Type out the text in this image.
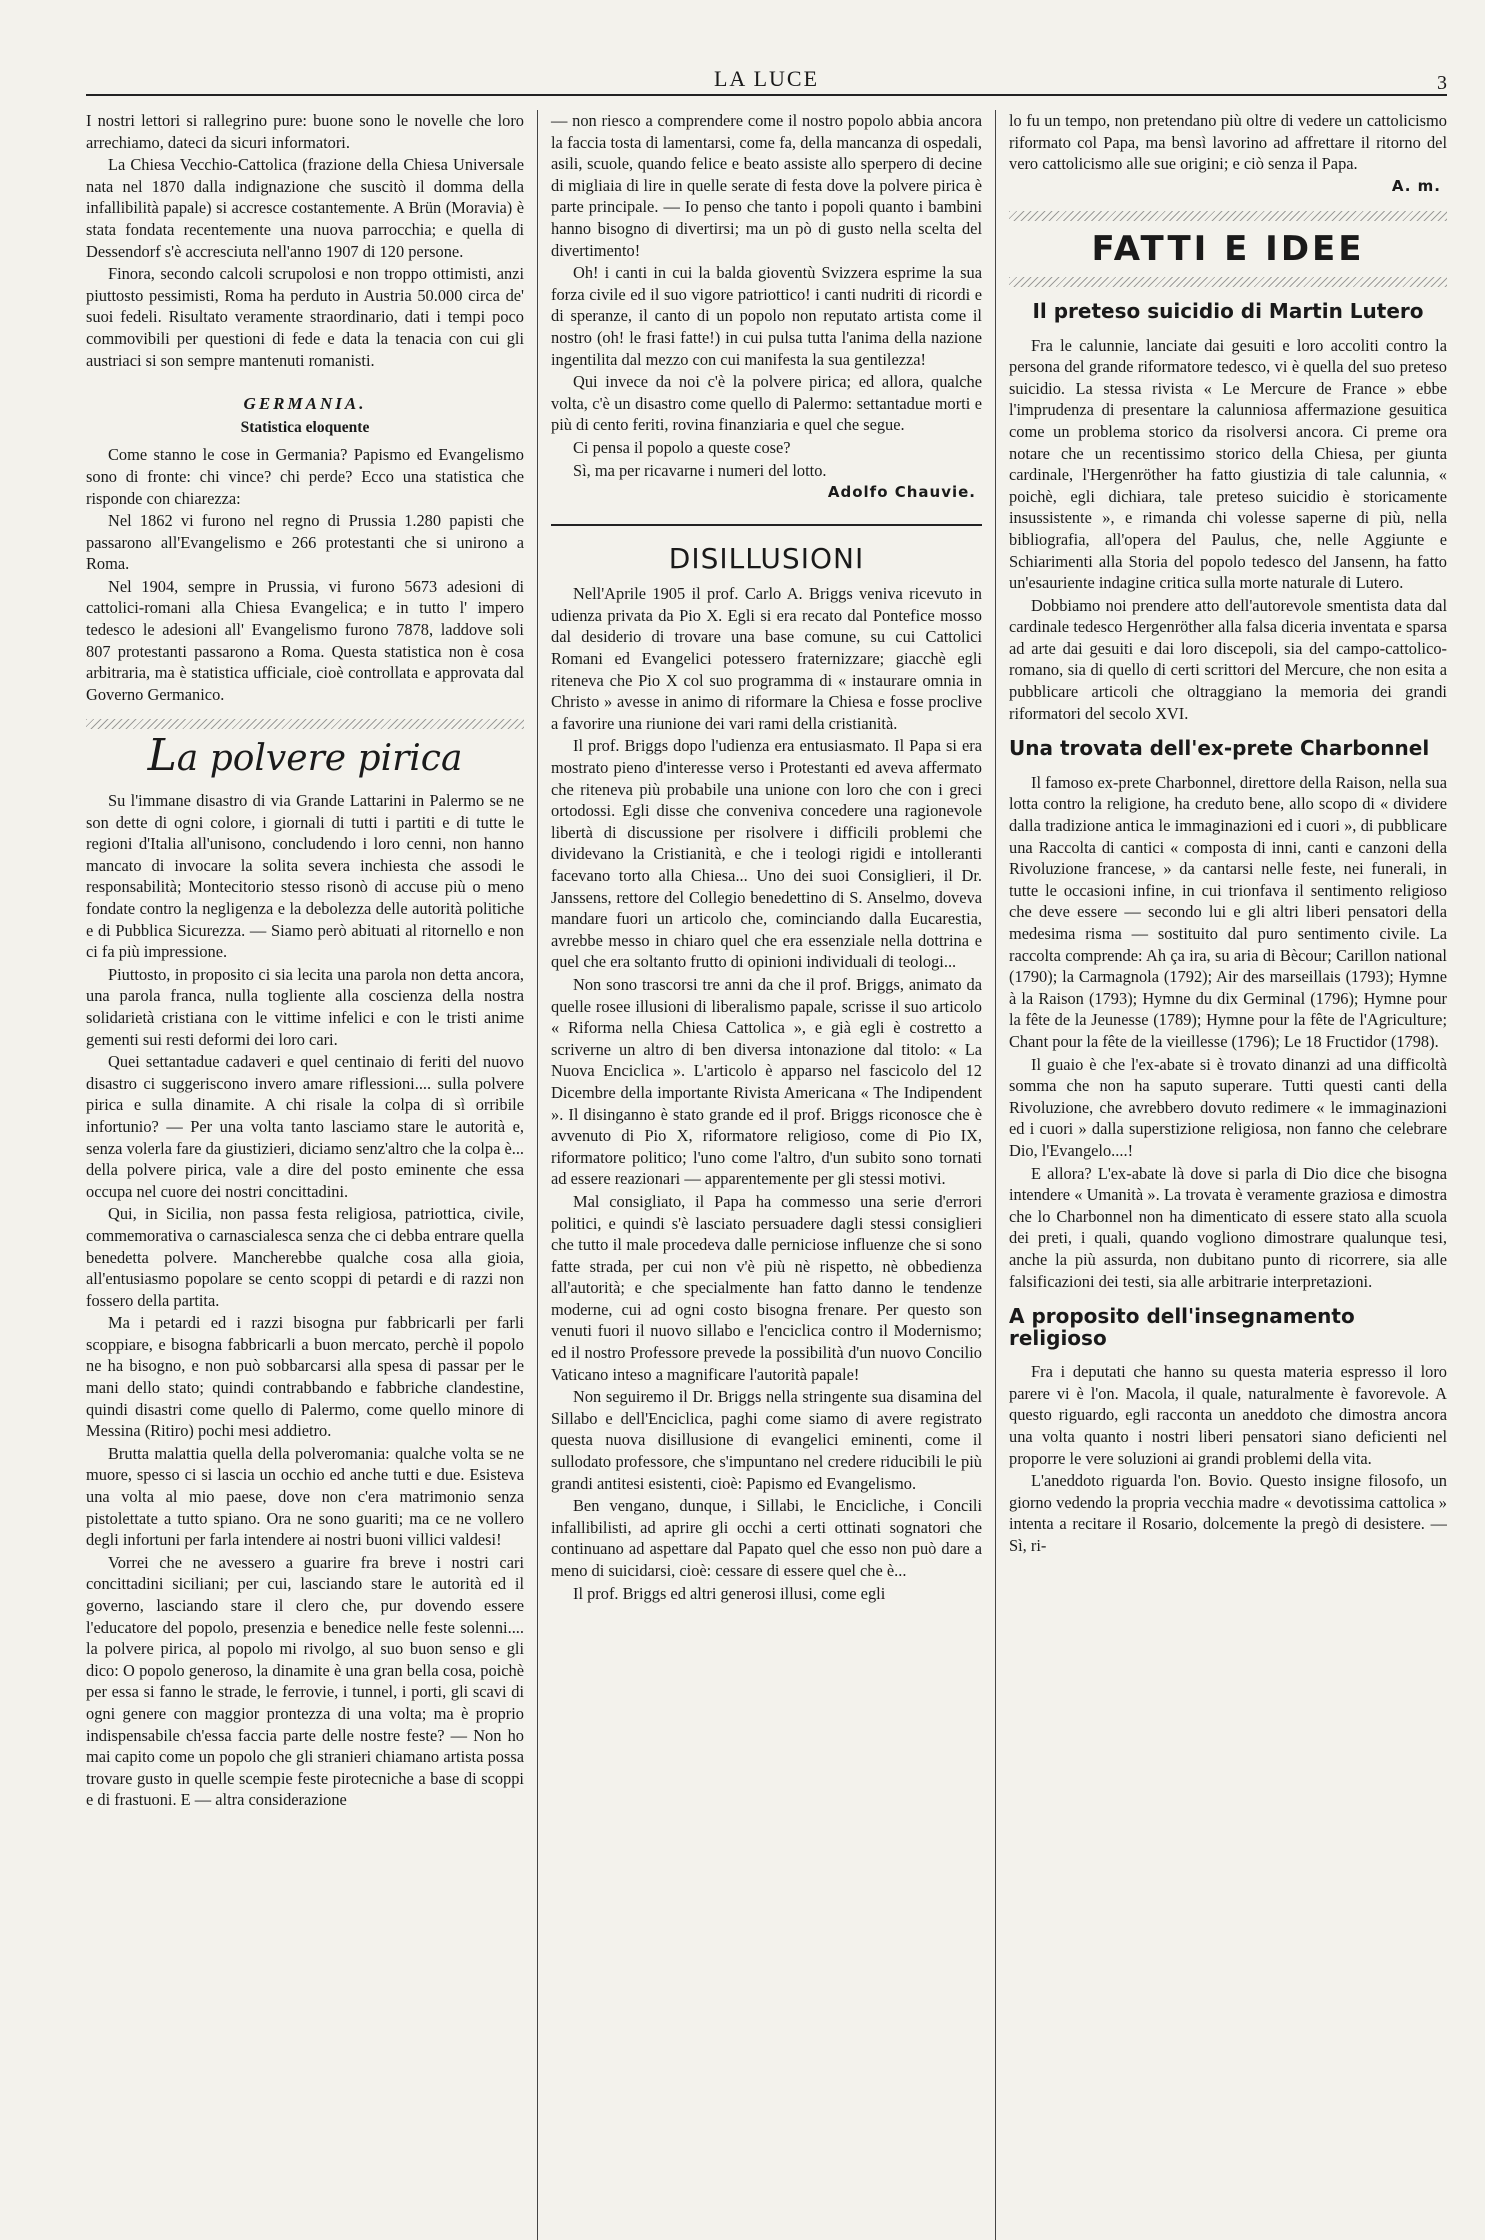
LA LUCE	3

I nostri lettori si rallegrino pure: buone sono le novelle che loro arrechiamo, dateci da sicuri informatori.

La Chiesa Vecchio-Cattolica (frazione della Chiesa Universale nata nel 1870 dalla indignazione che suscitò il domma della infallibilità papale) si accresce costantemente. A Brün (Moravia) è stata fondata recentemente una nuova parrocchia; e quella di Dessendorf s'è accresciuta nell'anno 1907 di 120 persone.

Finora, secondo calcoli scrupolosi e non troppo ottimisti, anzi piuttosto pessimisti, Roma ha perduto in Austria 50.000 circa de' suoi fedeli. Risultato veramente straordinario, dati i tempi poco commovibili per questioni di fede e data la tenacia con cui gli austriaci si son sempre mantenuti romanisti.

GERMANIA.
Statistica eloquente

Come stanno le cose in Germania? Papismo ed Evangelismo sono di fronte: chi vince? chi perde? Ecco una statistica che risponde con chiarezza:

Nel 1862 vi furono nel regno di Prussia 1.280 papisti che passarono all'Evangelismo e 266 protestanti che si unirono a Roma.

Nel 1904, sempre in Prussia, vi furono 5673 adesioni di cattolici-romani alla Chiesa Evangelica; e in tutto l' impero tedesco le adesioni all' Evangelismo furono 7878, laddove soli 807 protestanti passarono a Roma. Questa statistica non è cosa arbitraria, ma è statistica ufficiale, cioè controllata e approvata dal Governo Germanico.

La polvere pirica

Su l'immane disastro di via Grande Lattarini in Palermo se ne son dette di ogni colore, i giornali di tutti i partiti e di tutte le regioni d'Italia all'unisono, concludendo i loro cenni, non hanno mancato di invocare la solita severa inchiesta che assodi le responsabilità; Montecitorio stesso risonò di accuse più o meno fondate contro la negligenza e la debolezza delle autorità politiche e di Pubblica Sicurezza. — Siamo però abituati al ritornello e non ci fa più impressione.

Piuttosto, in proposito ci sia lecita una parola non detta ancora, una parola franca, nulla togliente alla coscienza della nostra solidarietà cristiana con le vittime infelici e con le tristi anime gementi sui resti deformi dei loro cari.

Quei settantadue cadaveri e quel centinaio di feriti del nuovo disastro ci suggeriscono invero amare riflessioni.... sulla polvere pirica e sulla dinamite. A chi risale la colpa di sì orribile infortunio? — Per una volta tanto lasciamo stare le autorità e, senza volerla fare da giustizieri, diciamo senz'altro che la colpa è... della polvere pirica, vale a dire del posto eminente che essa occupa nel cuore dei nostri concittadini.

Qui, in Sicilia, non passa festa religiosa, patriottica, civile, commemorativa o carnascialesca senza che ci debba entrare quella benedetta polvere. Mancherebbe qualche cosa alla gioia, all'entusiasmo popolare se cento scoppi di petardi e di razzi non fossero della partita.

Ma i petardi ed i razzi bisogna pur fabbricarli per farli scoppiare, e bisogna fabbricarli a buon mercato, perchè il popolo ne ha bisogno, e non può sobbarcarsi alla spesa di passar per le mani dello stato; quindi contrabbando e fabbriche clandestine, quindi disastri come quello di Palermo, come quello minore di Messina (Ritiro) pochi mesi addietro.

Brutta malattia quella della polveromania: qualche volta se ne muore, spesso ci si lascia un occhio ed anche tutti e due. Esisteva una volta al mio paese, dove non c'era matrimonio senza pistolettate a tutto spiano. Ora ne sono guariti; ma ce ne vollero degli infortuni per farla intendere ai nostri buoni villici valdesi!

Vorrei che ne avessero a guarire fra breve i nostri cari concittadini siciliani; per cui, lasciando stare le autorità ed il governo, lasciando stare il clero che, pur dovendo essere l'educatore del popolo, presenzia e benedice nelle feste solenni.... la polvere pirica, al popolo mi rivolgo, al suo buon senso e gli dico: O popolo generoso, la dinamite è una gran bella cosa, poichè per essa si fanno le strade, le ferrovie, i tunnel, i porti, gli scavi di ogni genere con maggior prontezza di una volta; ma è proprio indispensabile ch'essa faccia parte delle nostre feste? — Non ho mai capito come un popolo che gli stranieri chiamano artista possa trovare gusto in quelle scempie feste pirotecniche a base di scoppi e di frastuoni. E — altra considerazione

— non riesco a comprendere come il nostro popolo abbia ancora la faccia tosta di lamentarsi, come fa, della mancanza di ospedali, asili, scuole, quando felice e beato assiste allo sperpero di decine di migliaia di lire in quelle serate di festa dove la polvere pirica è parte principale. — Io penso che tanto i popoli quanto i bambini hanno bisogno di divertirsi; ma un pò di gusto nella scelta del divertimento!

Oh! i canti in cui la balda gioventù Svizzera esprime la sua forza civile ed il suo vigore patriottico! i canti nudriti di ricordi e di speranze, il canto di un popolo non reputato artista come il nostro (oh! le frasi fatte!) in cui pulsa tutta l'anima della nazione ingentilita dal mezzo con cui manifesta la sua gentilezza!

Qui invece da noi c'è la polvere pirica; ed allora, qualche volta, c'è un disastro come quello di Palermo: settantadue morti e più di cento feriti, rovina finanziaria e quel che segue.

Ci pensa il popolo a queste cose?

Sì, ma per ricavarne i numeri del lotto.

Adolfo Chauvie.
DISILLUSIONI

Nell'Aprile 1905 il prof. Carlo A. Briggs veniva ricevuto in udienza privata da Pio X. Egli si era recato dal Pontefice mosso dal desiderio di trovare una base comune, su cui Cattolici Romani ed Evangelici potessero fraternizzare; giacchè egli riteneva che Pio X col suo programma di « instaurare omnia in Christo » avesse in animo di riformare la Chiesa e fosse proclive a favorire una riunione dei vari rami della cristianità.

Il prof. Briggs dopo l'udienza era entusiasmato. Il Papa si era mostrato pieno d'interesse verso i Protestanti ed aveva affermato che riteneva più probabile una unione con loro che con i greci ortodossi. Egli disse che conveniva concedere una ragionevole libertà di discussione per risolvere i difficili problemi che dividevano la Cristianità, e che i teologi rigidi e intolleranti facevano torto alla Chiesa... Uno dei suoi Consiglieri, il Dr. Janssens, rettore del Collegio benedettino di S. Anselmo, doveva mandare fuori un articolo che, cominciando dalla Eucarestia, avrebbe messo in chiaro quel che era essenziale nella dottrina e quel che era soltanto frutto di opinioni individuali di teologi...

Non sono trascorsi tre anni da che il prof. Briggs, animato da quelle rosee illusioni di liberalismo papale, scrisse il suo articolo « Riforma nella Chiesa Cattolica », e già egli è costretto a scriverne un altro di ben diversa intonazione dal titolo: « La Nuova Enciclica ». L'articolo è apparso nel fascicolo del 12 Dicembre della importante Rivista Americana « The Indipendent ». Il disinganno è stato grande ed il prof. Briggs riconosce che è avvenuto di Pio X, riformatore religioso, come di Pio IX, riformatore politico; l'uno come l'altro, d'un subito sono tornati ad essere reazionari — apparentemente per gli stessi motivi.

Mal consigliato, il Papa ha commesso una serie d'errori politici, e quindi s'è lasciato persuadere dagli stessi consiglieri che tutto il male procedeva dalle perniciose influenze che si sono fatte strada, per cui non v'è più nè rispetto, nè obbedienza all'autorità; e che specialmente han fatto danno le tendenze moderne, cui ad ogni costo bisogna frenare. Per questo son venuti fuori il nuovo sillabo e l'enciclica contro il Modernismo; ed il nostro Professore prevede la possibilità d'un nuovo Concilio Vaticano inteso a magnificare l'autorità papale!

Non seguiremo il Dr. Briggs nella stringente sua disamina del Sillabo e dell'Enciclica, paghi come siamo di avere registrato questa nuova disillusione di evangelici eminenti, come il sullodato professore, che s'impuntano nel credere riducibili le più grandi antitesi esistenti, cioè: Papismo ed Evangelismo.

Ben vengano, dunque, i Sillabi, le Encicliche, i Concili infallibilisti, ad aprire gli occhi a certi ottinati sognatori che continuano ad aspettare dal Papato quel che esso non può dare a meno di suicidarsi, cioè: cessare di essere quel che è...

Il prof. Briggs ed altri generosi illusi, come egli

lo fu un tempo, non pretendano più oltre di vedere un cattolicismo riformato col Papa, ma bensì lavorino ad affrettare il ritorno del vero cattolicismo alle sue origini; e ciò senza il Papa.

A. m.
FATTI E IDEE
Il preteso suicidio di Martin Lutero

Fra le calunnie, lanciate dai gesuiti e loro accoliti contro la persona del grande riformatore tedesco, vi è quella del suo preteso suicidio. La stessa rivista « Le Mercure de France » ebbe l'imprudenza di presentare la calunniosa affermazione gesuitica come un problema storico da risolversi ancora. Ci preme ora notare che un recentissimo storico della Chiesa, per giunta cardinale, l'Hergenröther ha fatto giustizia di tale calunnia, « poichè, egli dichiara, tale preteso suicidio è storicamente insussistente », e rimanda chi volesse saperne di più, nella bibliografia, all'opera del Paulus, che, nelle Aggiunte e Schiarimenti alla Storia del popolo tedesco del Jansenn, ha fatto un'esauriente indagine critica sulla morte naturale di Lutero.

Dobbiamo noi prendere atto dell'autorevole smentista data dal cardinale tedesco Hergenröther alla falsa diceria inventata e sparsa ad arte dai gesuiti e dai loro discepoli, sia del campo-cattolico-romano, sia di quello di certi scrittori del Mercure, che non esita a pubblicare articoli che oltraggiano la memoria dei grandi riformatori del secolo XVI.

Una trovata dell'ex-prete Charbonnel

Il famoso ex-prete Charbonnel, direttore della Raison, nella sua lotta contro la religione, ha creduto bene, allo scopo di « dividere dalla tradizione antica le immaginazioni ed i cuori », di pubblicare una Raccolta di cantici « composta di inni, canti e canzoni della Rivoluzione francese, » da cantarsi nelle feste, nei funerali, in tutte le occasioni infine, in cui trionfava il sentimento religioso che deve essere — secondo lui e gli altri liberi pensatori della medesima risma — sostituito dal puro sentimento civile. La raccolta comprende: Ah ça ira, su aria di Bècour; Carillon national (1790); la Carmagnola (1792); Air des marseillais (1793); Hymne à la Raison (1793); Hymne du dix Germinal (1796); Hymne pour la fête de la Jeunesse (1789); Hymne pour la fête de l'Agriculture; Chant pour la fête de la vieillesse (1796); Le 18 Fructidor (1798).

Il guaio è che l'ex-abate si è trovato dinanzi ad una difficoltà somma che non ha saputo superare. Tutti questi canti della Rivoluzione, che avrebbero dovuto redimere « le immaginazioni ed i cuori » dalla superstizione religiosa, non fanno che celebrare Dio, l'Evangelo....!

E allora? L'ex-abate là dove si parla di Dio dice che bisogna intendere « Umanità ». La trovata è veramente graziosa e dimostra che lo Charbonnel non ha dimenticato di essere stato alla scuola dei preti, i quali, quando vogliono dimostrare qualunque tesi, anche la più assurda, non dubitano punto di ricorrere, sia alle falsificazioni dei testi, sia alle arbitrarie interpretazioni.

A proposito dell'insegnamento religioso

Fra i deputati che hanno su questa materia espresso il loro parere vi è l'on. Macola, il quale, naturalmente è favorevole. A questo riguardo, egli racconta un aneddoto che dimostra ancora una volta quanto i nostri liberi pensatori siano deficienti nel proporre le vere soluzioni ai grandi problemi della vita.

L'aneddoto riguarda l'on. Bovio. Questo insigne filosofo, un giorno vedendo la propria vecchia madre « devotissima cattolica » intenta a recitare il Rosario, dolcemente la pregò di desistere. — Sì, ri-
